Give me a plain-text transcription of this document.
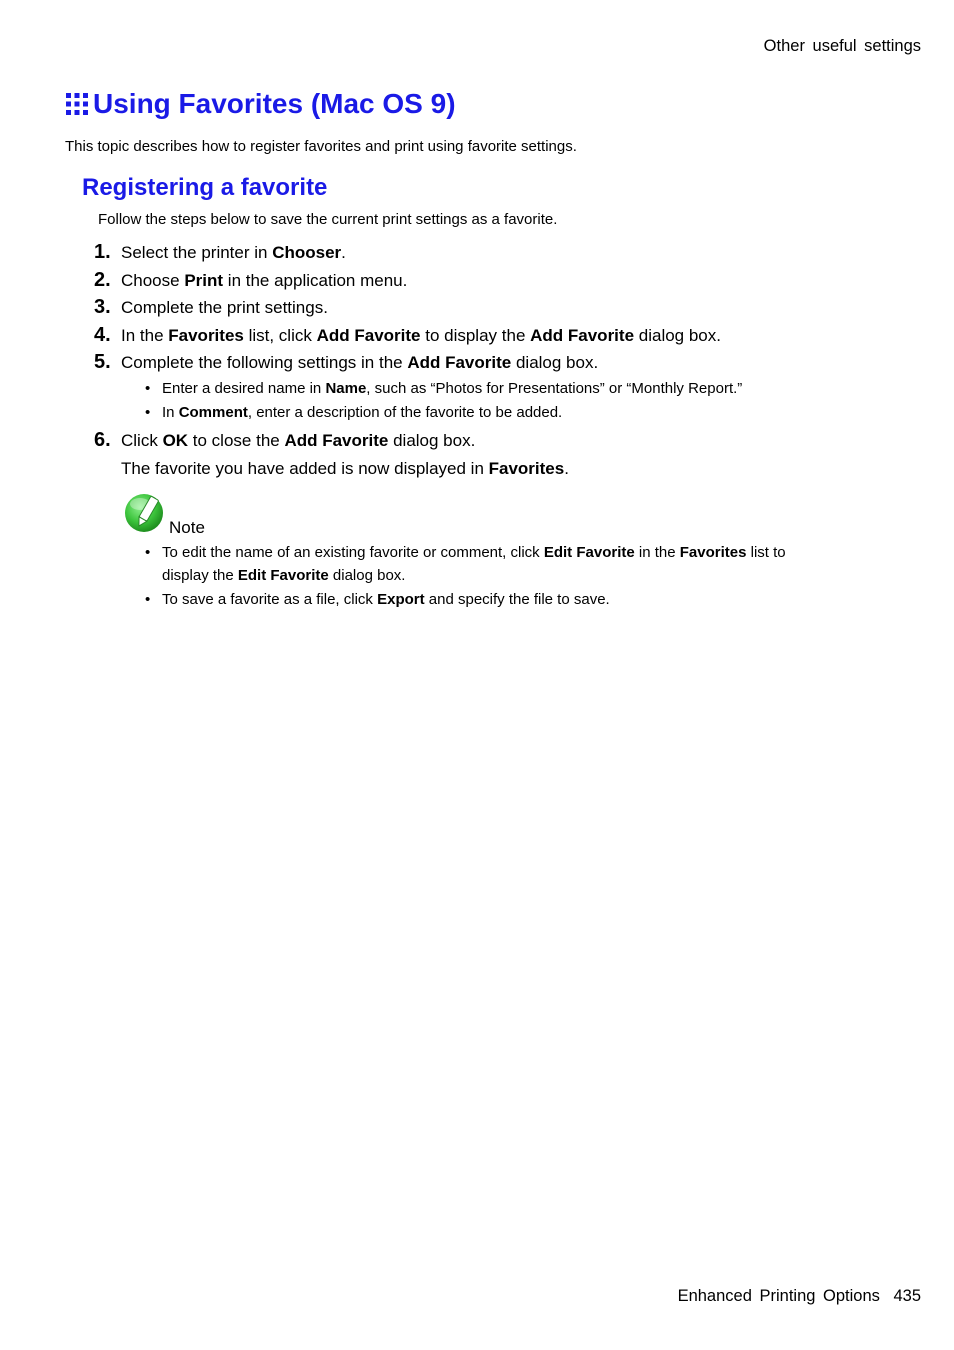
Other useful settings
Using Favorites (Mac OS 9)
This topic describes how to register favorites and print using favorite settings.
Registering a favorite
Follow the steps below to save the current print settings as a favorite.
1. Select the printer in Chooser.
2. Choose Print in the application menu.
3. Complete the print settings.
4. In the Favorites list, click Add Favorite to display the Add Favorite dialog box.
5. Complete the following settings in the Add Favorite dialog box.
• Enter a desired name in Name, such as “Photos for Presentations” or “Monthly Report.”
• In Comment, enter a description of the favorite to be added.
6. Click OK to close the Add Favorite dialog box.
The favorite you have added is now displayed in Favorites.
Note
• To edit the name of an existing favorite or comment, click Edit Favorite in the Favorites list to
display the Edit Favorite dialog box.
• To save a favorite as a file, click Export and specify the file to save.
Enhanced Printing Options 435
